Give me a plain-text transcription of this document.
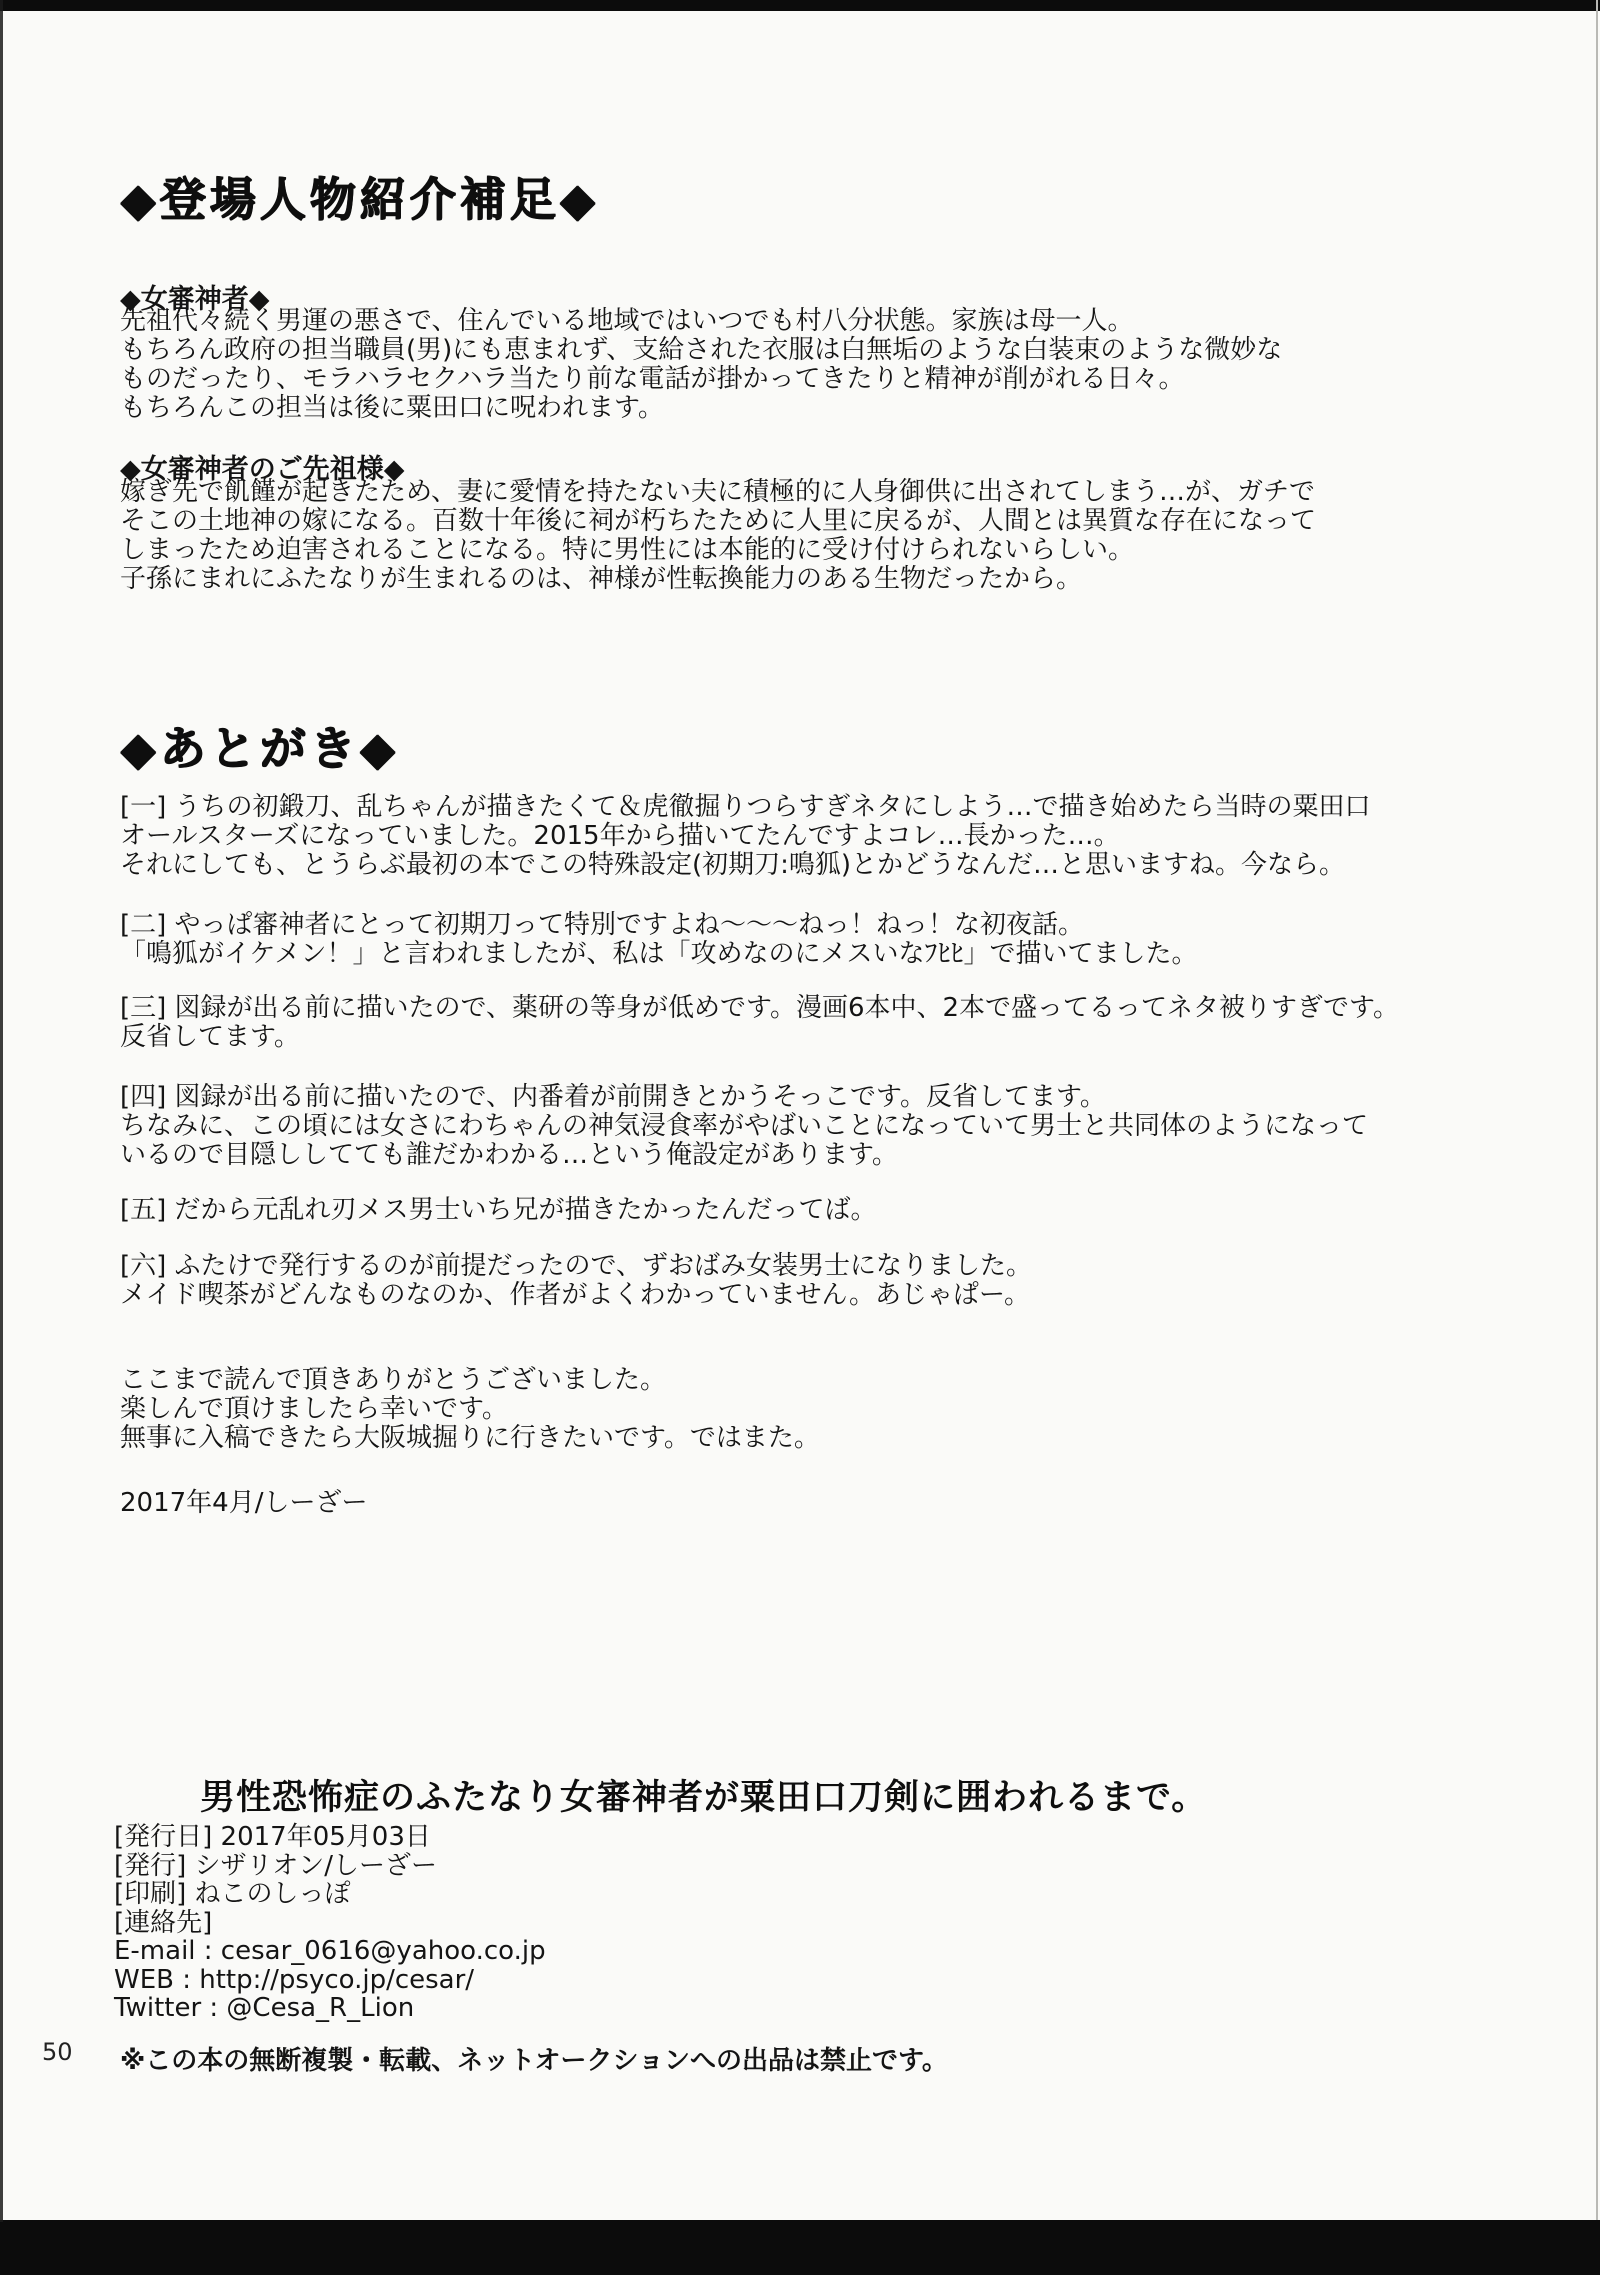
◆登場人物紹介補足◆
◆女審神者◆
先祖代々続く男運の悪さで、住んでいる地域ではいつでも村八分状態。家族は母一人。
もちろん政府の担当職員(男)にも恵まれず、支給された衣服は白無垢のような白装束のような微妙な
ものだったり、モラハラセクハラ当たり前な電話が掛かってきたりと精神が削がれる日々。
もちろんこの担当は後に粟田口に呪われます。
◆女審神者のご先祖様◆
嫁ぎ先で飢饉が起きたため、妻に愛情を持たない夫に積極的に人身御供に出されてしまう…が、ガチで
そこの土地神の嫁になる。百数十年後に祠が朽ちたために人里に戻るが、人間とは異質な存在になって
しまったため迫害されることになる。特に男性には本能的に受け付けられないらしい。
子孫にまれにふたなりが生まれるのは、神様が性転換能力のある生物だったから。
◆あとがき◆
[一] うちの初鍛刀、乱ちゃんが描きたくて＆虎徹掘りつらすぎネタにしよう…で描き始めたら当時の粟田口
オールスターズになっていました。2015年から描いてたんですよコレ…長かった…。
それにしても、とうらぶ最初の本でこの特殊設定(初期刀:鳴狐)とかどうなんだ…と思いますね。今なら。
[二] やっぱ審神者にとって初期刀って特別ですよね～～～ねっ！ねっ！な初夜話。
「鳴狐がイケメン！」と言われましたが、私は「攻めなのにメスいなﾌﾋﾋ」で描いてました。
[三] 図録が出る前に描いたので、薬研の等身が低めです。漫画6本中、2本で盛ってるってネタ被りすぎです。
反省してます。
[四] 図録が出る前に描いたので、内番着が前開きとかうそっこです。反省してます。
ちなみに、この頃には女さにわちゃんの神気浸食率がやばいことになっていて男士と共同体のようになって
いるので目隠ししてても誰だかわかる…という俺設定があります。
[五] だから元乱れ刃メス男士いち兄が描きたかったんだってば。
[六] ふたけで発行するのが前提だったので、ずおばみ女装男士になりました。
メイド喫茶がどんなものなのか、作者がよくわかっていません。あじゃぱー。
ここまで読んで頂きありがとうございました。
楽しんで頂けましたら幸いです。
無事に入稿できたら大阪城掘りに行きたいです。ではまた。
2017年4月/しーざー
男性恐怖症のふたなり女審神者が粟田口刀剣に囲われるまで。
[発行日] 2017年05月03日
[発行] シザリオン/しーざー
[印刷] ねこのしっぽ
[連絡先]
E-mail : cesar_0616@yahoo.co.jp
WEB : http://psyco.jp/cesar/
Twitter : @Cesa_R_Lion
※この本の無断複製・転載、ネットオークションへの出品は禁止です。
50
